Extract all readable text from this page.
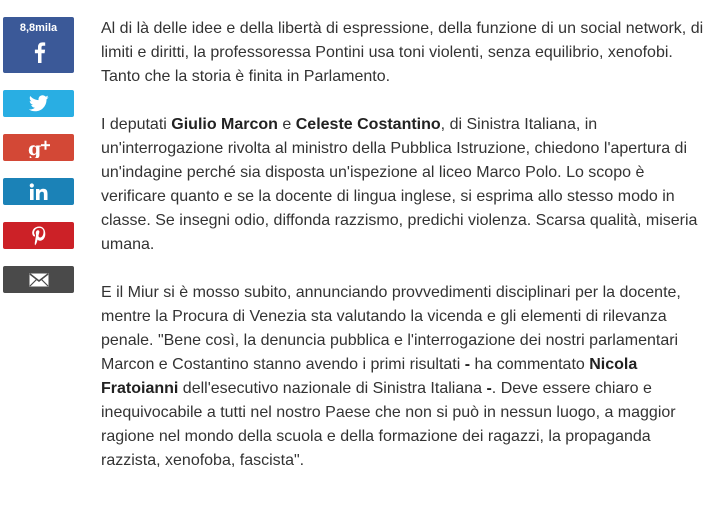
8,8mila
g

Al di là delle idee e della libertà di espressione, della funzione di un social network, di limiti e diritti, la professoressa Pontini usa toni violenti, senza equilibrio, xenofobi. Tanto che la storia è finita in Parlamento.

I deputati Giulio Marcon e Celeste Costantino, di Sinistra Italiana, in un'interrogazione rivolta al ministro della Pubblica Istruzione, chiedono l'apertura di un'indagine perché sia disposta un'ispezione al liceo Marco Polo. Lo scopo è verificare quanto e se la docente di lingua inglese, si esprima allo stesso modo in classe. Se insegni odio, diffonda razzismo, predichi violenza. Scarsa qualità, miseria umana.

E il Miur si è mosso subito, annunciando provvedimenti disciplinari per la docente, mentre la Procura di Venezia sta valutando la vicenda e gli elementi di rilevanza penale. "Bene così, la denuncia pubblica e l'interrogazione dei nostri parlamentari Marcon e Costantino stanno avendo i primi risultati - ha commentato Nicola Fratoianni dell'esecutivo nazionale di Sinistra Italiana -. Deve essere chiaro e inequivocabile a tutti nel nostro Paese che non si può in nessun luogo, a maggior ragione nel mondo della scuola e della formazione dei ragazzi, la propaganda razzista, xenofoba, fascista".
